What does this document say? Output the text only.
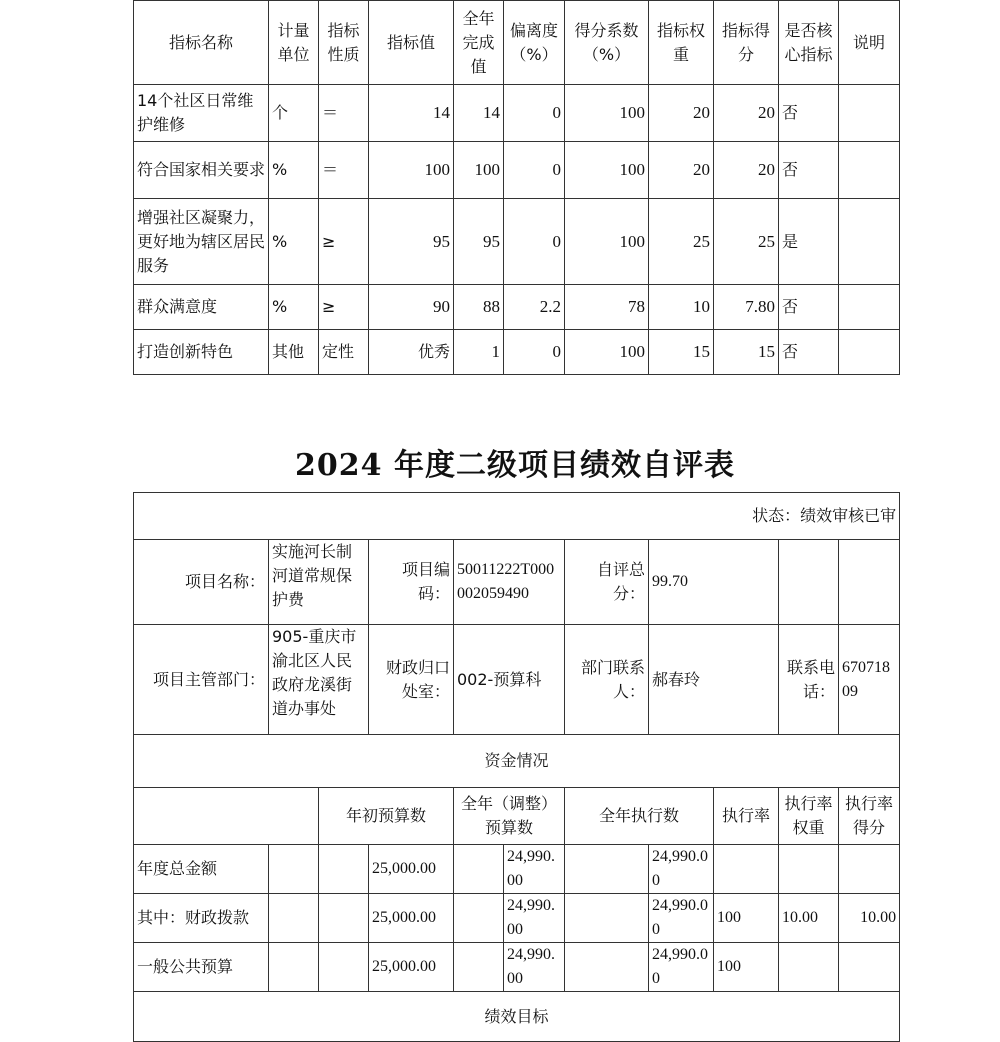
指标名称	计量单位	指标性质	指标值	全年完成值	偏离度（%）	得分系数（%）	指标权重	指标得分	是否核心指标	说明
14个社区日常维护维修	个	＝	14	14	0	100	20	20	否	
符合国家相关要求	%	＝	100	100	0	100	20	20	否	
增强社区凝聚力，更好地为辖区居民服务	%	≥	95	95	0	100	25	25	是	
群众满意度	%	≥	90	88	2.2	78	10	7.80	否	
打造创新特色	其他	定性	优秀	1	0	100	15	15	否	
2024 年度二级项目绩效自评表
状态：绩效审核已审										
项目名称：	实施河长制河道常规保护费		项目编码：	50011222T000002059490		自评总分：	99.70			
项目主管部门：	905-重庆市渝北区人民政府龙溪街道办事处		财政归口处室：	002-预算科		部门联系人：	郝春玲		联系电话：	67071809
资金情况										
		年初预算数		全年（调整）预算数		全年执行数		执行率	执行率权重	执行率得分
年度总金额			25,000.00		24,990.00		24,990.00			
其中：财政拨款			25,000.00		24,990.00		24,990.00	100	10.00	10.00
一般公共预算			25,000.00		24,990.00		24,990.00	100		
绩效目标										
